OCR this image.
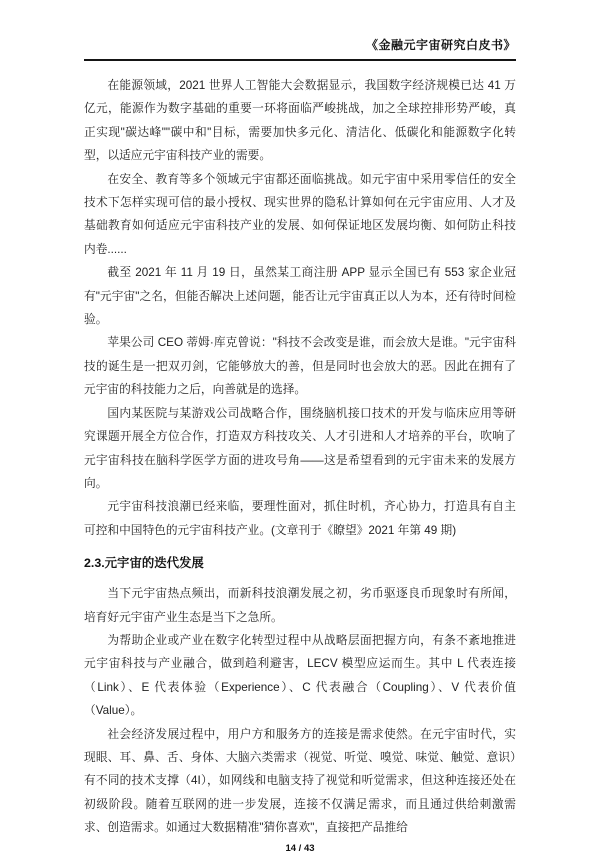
《金融元宇宙研究白皮书》

在能源领域，2021 世界人工智能大会数据显示，我国数字经济规模已达 41 万亿元，能源作为数字基础的重要一环将面临严峻挑战，加之全球控排形势严峻，真正实现"碳达峰""碳中和"目标，需要加快多元化、清洁化、低碳化和能源数字化转型，以适应元宇宙科技产业的需要。

在安全、教育等多个领域元宇宙都还面临挑战。如元宇宙中采用零信任的安全技术下怎样实现可信的最小授权、现实世界的隐私计算如何在元宇宙应用、人才及基础教育如何适应元宇宙科技产业的发展、如何保证地区发展均衡、如何防止科技内卷......

截至 2021 年 11 月 19 日，虽然某工商注册 APP 显示全国已有 553 家企业冠有"元宇宙"之名，但能否解决上述问题，能否让元宇宙真正以人为本，还有待时间检验。

苹果公司 CEO 蒂姆·库克曾说："科技不会改变是谁，而会放大是谁。"元宇宙科技的诞生是一把双刃剑，它能够放大的善，但是同时也会放大的恶。因此在拥有了元宇宙的科技能力之后，向善就是的选择。

国内某医院与某游戏公司战略合作，围绕脑机接口技术的开发与临床应用等研究课题开展全方位合作，打造双方科技攻关、人才引进和人才培养的平台，吹响了元宇宙科技在脑科学医学方面的进攻号角——这是希望看到的元宇宙未来的发展方向。

元宇宙科技浪潮已经来临，要理性面对，抓住时机，齐心协力，打造具有自主可控和中国特色的元宇宙科技产业。(文章刊于《瞭望》2021 年第 49 期)

2.3.元宇宙的迭代发展

当下元宇宙热点频出，而新科技浪潮发展之初，劣币驱逐良币现象时有所闻，培育好元宇宙产业生态是当下之急所。

为帮助企业或产业在数字化转型过程中从战略层面把握方向，有条不紊地推进元宇宙科技与产业融合，做到趋利避害，LECV 模型应运而生。其中 L 代表连接（Link）、E 代表体验（Experience）、C 代表融合（Coupling）、V 代表价值（Value）。

社会经济发展过程中，用户方和服务方的连接是需求使然。在元宇宙时代，实现眼、耳、鼻、舌、身体、大脑六类需求（视觉、听觉、嗅觉、味觉、触觉、意识）有不同的技术支撑（4I），如网线和电脑支持了视觉和听觉需求，但这种连接还处在初级阶段。随着互联网的进一步发展，连接不仅满足需求，而且通过供给刺激需求、创造需求。如通过大数据精准"猜你喜欢"，直接把产品推给

14 / 43
